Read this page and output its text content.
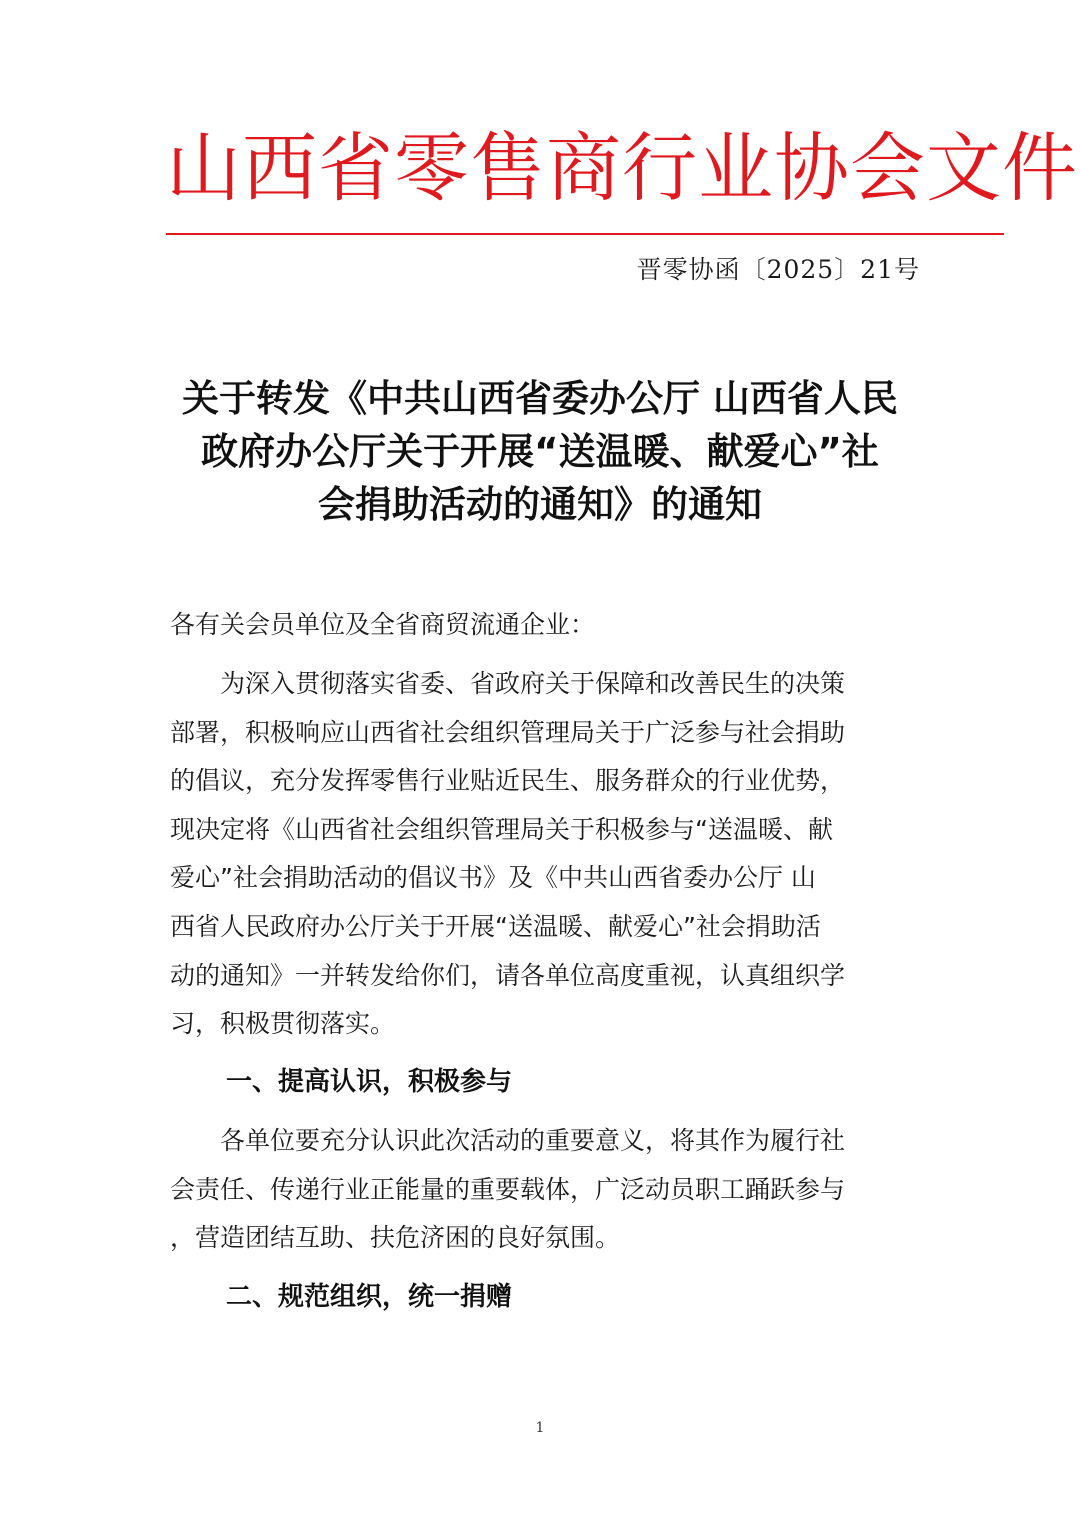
山西省零售商行业协会文件
晋零协函〔2025〕21号
关于转发《中共山西省委办公厅 山西省人民
政府办公厅关于开展“送温暖、献爱心”社
会捐助活动的通知》的通知
各有关会员单位及全省商贸流通企业：
　　为深入贯彻落实省委、省政府关于保障和改善民生的决策
部署，积极响应山西省社会组织管理局关于广泛参与社会捐助
的倡议，充分发挥零售行业贴近民生、服务群众的行业优势，
现决定将《山西省社会组织管理局关于积极参与“送温暖、献
爱心”社会捐助活动的倡议书》及《中共山西省委办公厅 山
西省人民政府办公厅关于开展“送温暖、献爱心”社会捐助活
动的通知》一并转发给你们，请各单位高度重视，认真组织学
习，积极贯彻落实。
一、提高认识，积极参与
　　各单位要充分认识此次活动的重要意义，将其作为履行社
会责任、传递行业正能量的重要载体，广泛动员职工踊跃参与
，营造团结互助、扶危济困的良好氛围。
二、规范组织，统一捐赠
1
